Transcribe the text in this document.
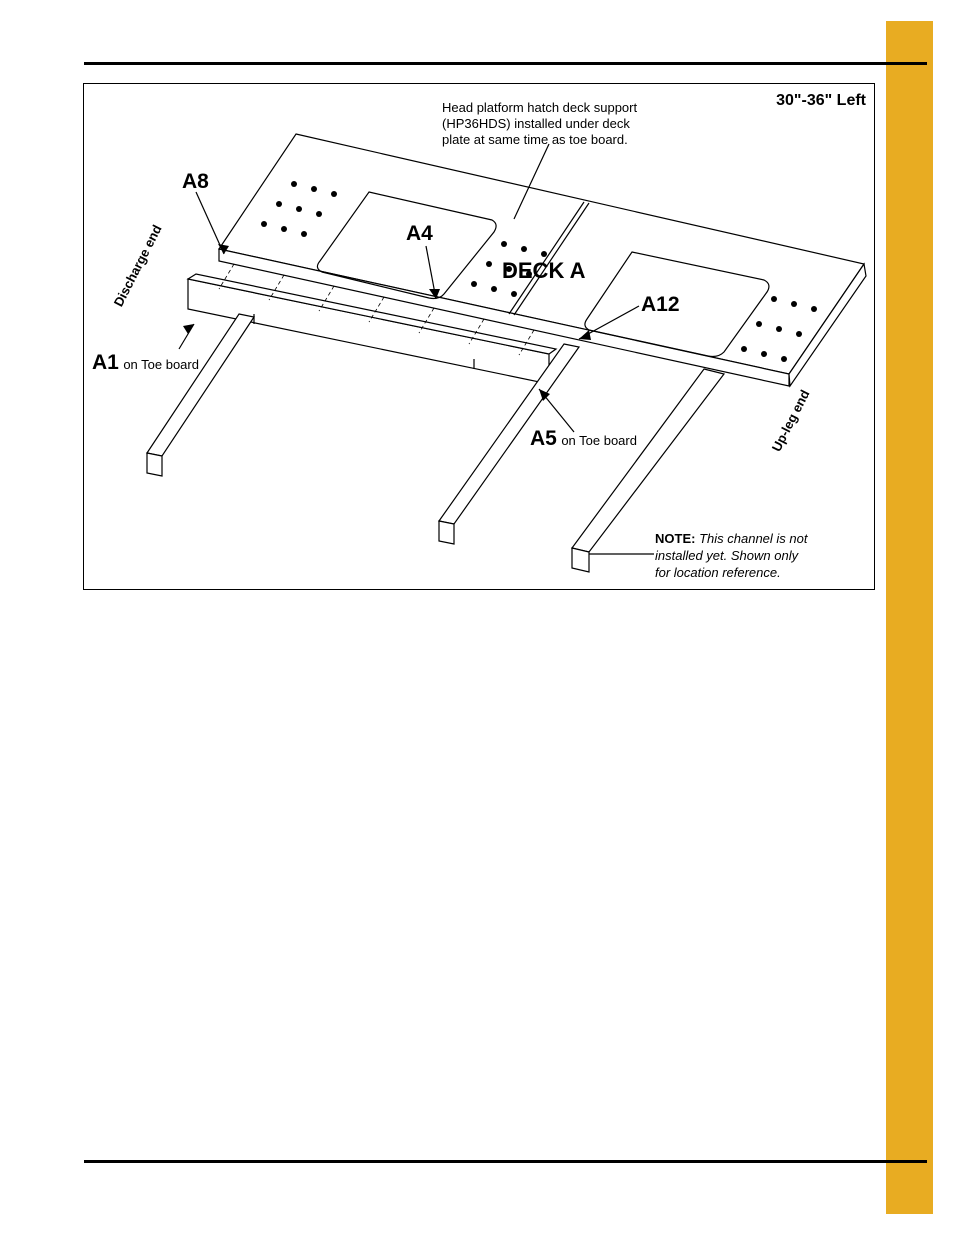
30"-36" Left
Head platform hatch deck support
(HP36HDS) installed under deck
plate at same time as toe board.
A8
A4
DECK A
A12
A1 on Toe board
A5 on Toe board
Discharge end
Up-leg end
NOTE: This channel is not
installed yet. Shown only
for location reference.
